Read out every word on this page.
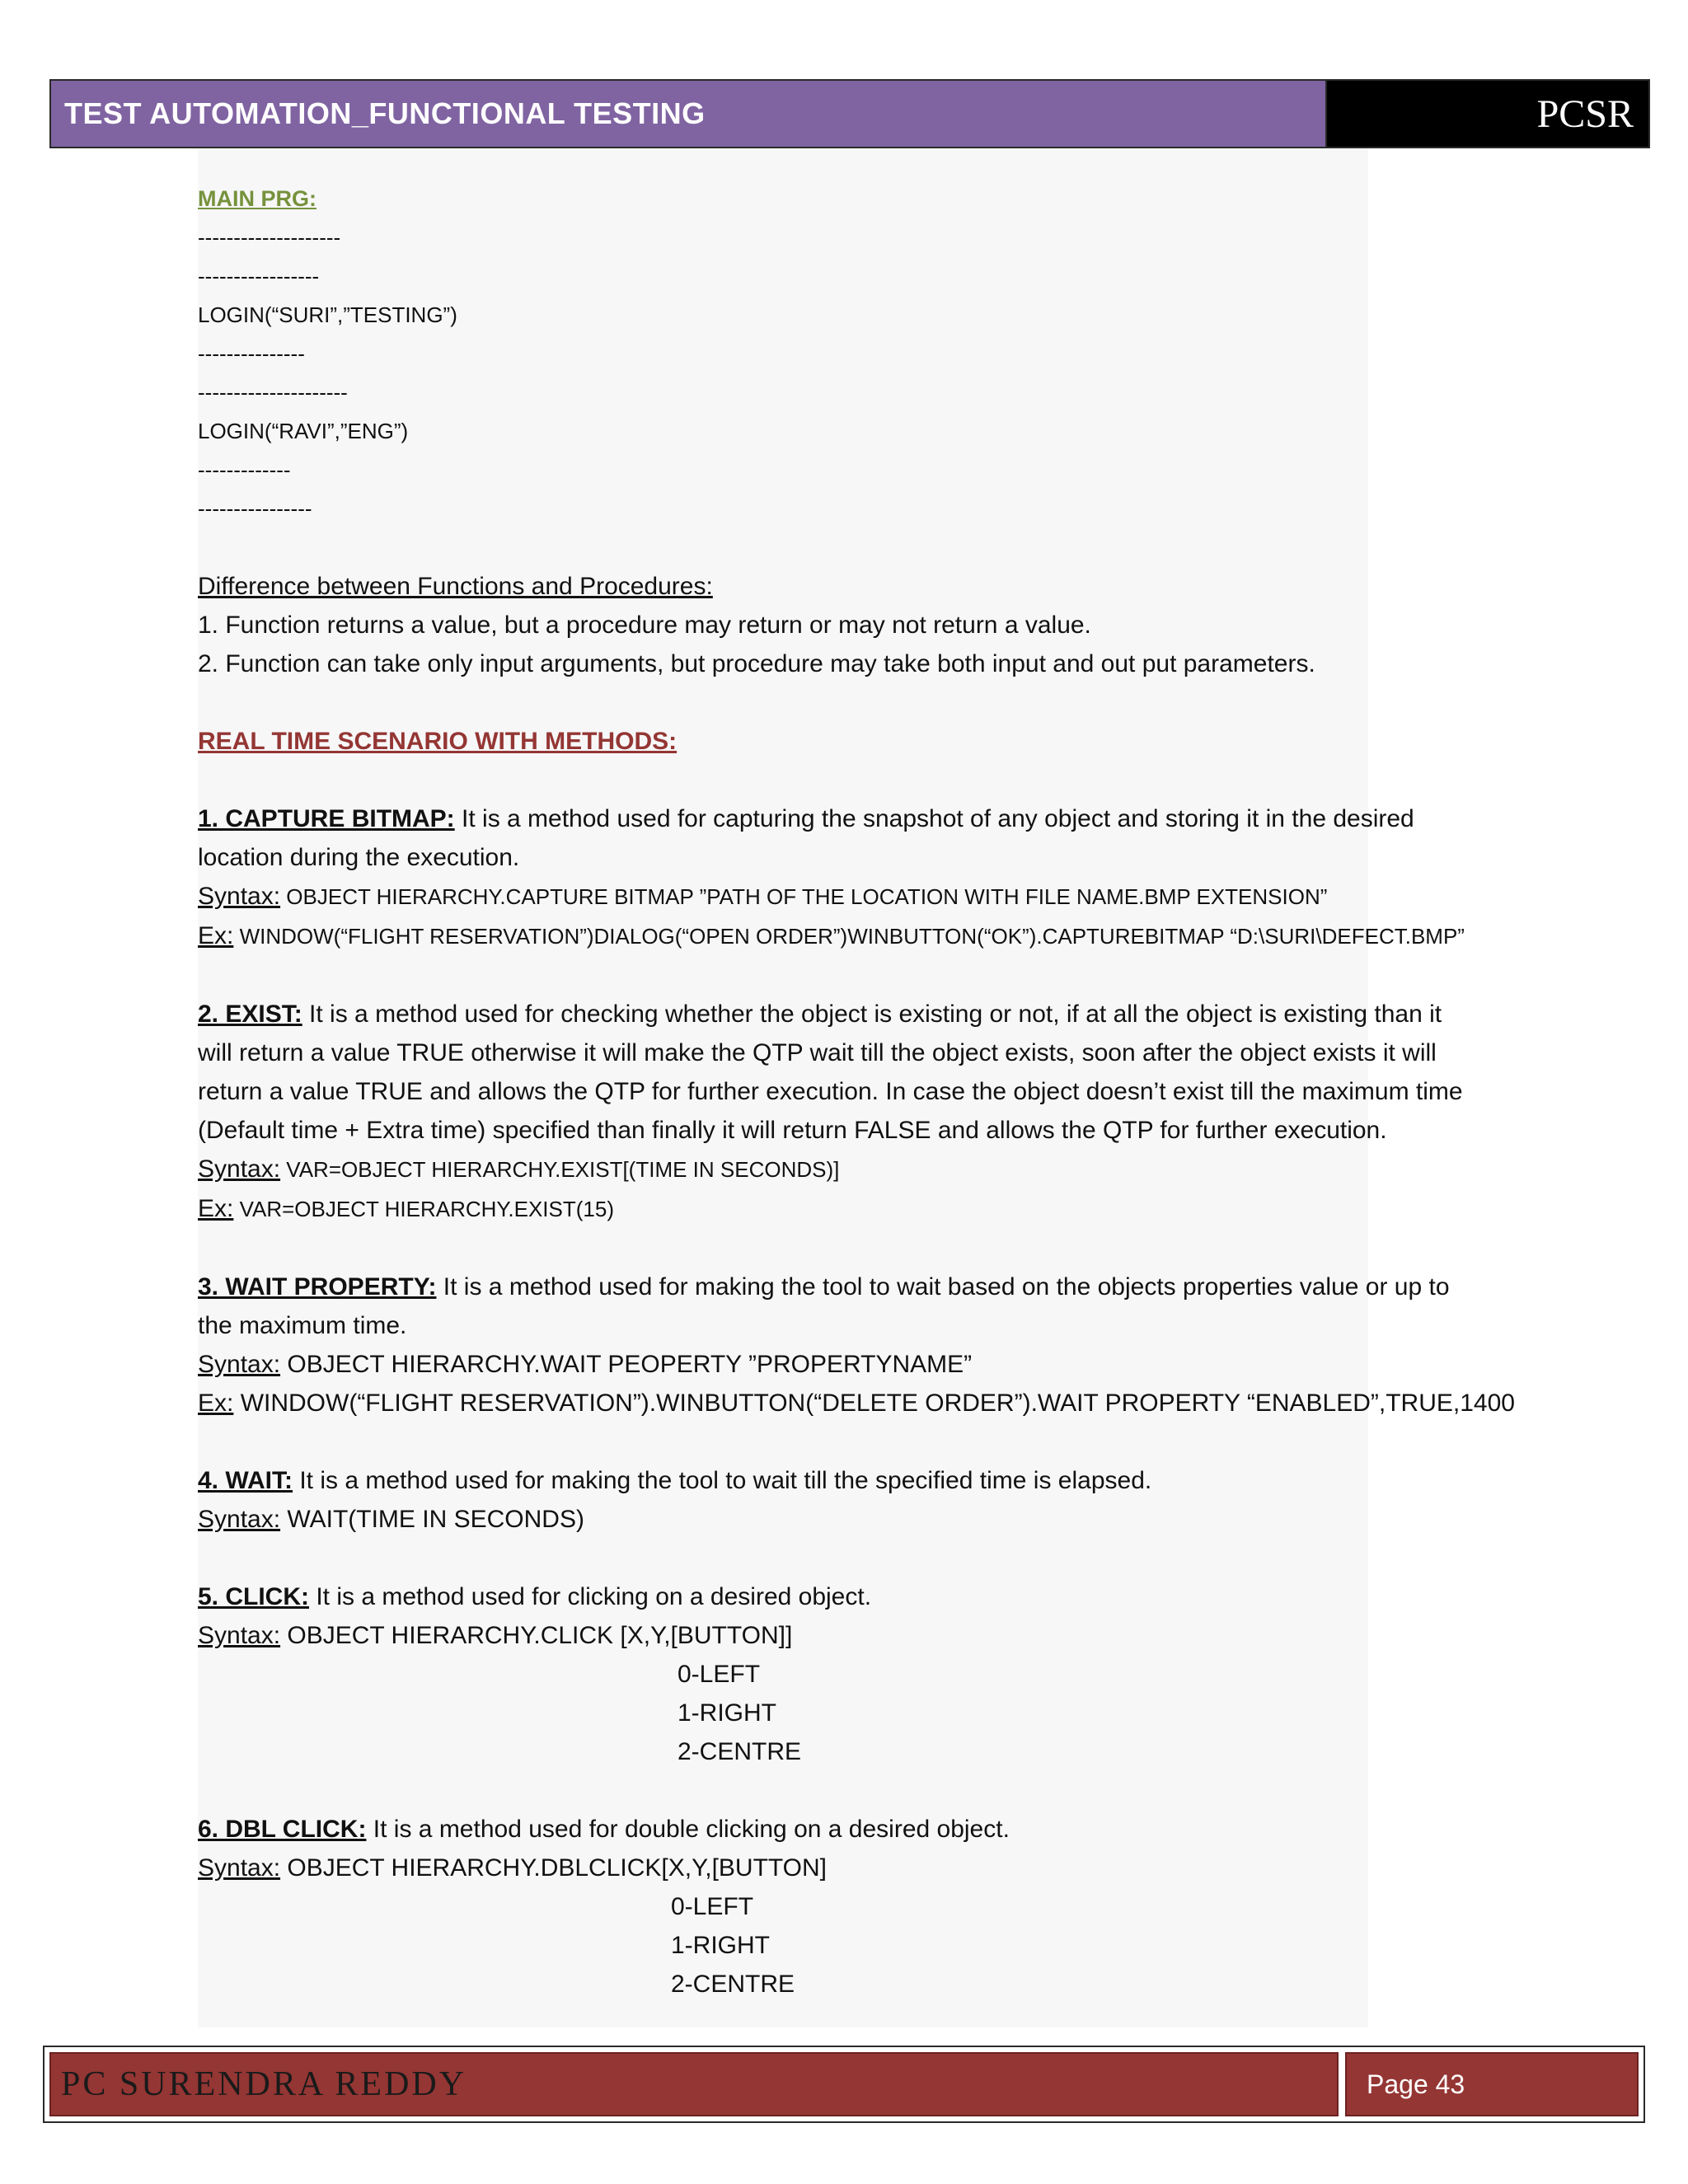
TEST AUTOMATION_FUNCTIONAL TESTING	PCSR
MAIN PRG:
--------------------
-----------------
LOGIN(“SURI”,”TESTING”)
---------------
---------------------
LOGIN(“RAVI”,”ENG”)
-------------
----------------
Difference between Functions and Procedures:
1. Function returns a value, but a procedure may return or may not return a value.
2. Function can take only input arguments, but procedure may take both input and out put parameters.
REAL TIME SCENARIO WITH METHODS:
1. CAPTURE BITMAP: It is a method used for capturing the snapshot of any object and storing it in the desired
location during the execution.
Syntax: OBJECT HIERARCHY.CAPTURE BITMAP ”PATH OF THE LOCATION WITH FILE NAME.BMP EXTENSION”
Ex: WINDOW(“FLIGHT RESERVATION”)DIALOG(“OPEN ORDER”)WINBUTTON(“OK”).CAPTUREBITMAP “D:\SURI\DEFECT.BMP”
2. EXIST: It is a method used for checking whether the object is existing or not, if at all the object is existing than it
will return a value TRUE otherwise it will make the QTP wait till the object exists, soon after the object exists it will
return a value TRUE and allows the QTP for further execution. In case the object doesn’t exist till the maximum time
(Default time + Extra time) specified than finally it will return FALSE and allows the QTP for further execution.
Syntax: VAR=OBJECT HIERARCHY.EXIST[(TIME IN SECONDS)]
Ex: VAR=OBJECT HIERARCHY.EXIST(15)
3. WAIT PROPERTY: It is a method used for making the tool to wait based on the objects properties value or up to
the maximum time.
Syntax: OBJECT HIERARCHY.WAIT PEOPERTY ”PROPERTYNAME”
Ex: WINDOW(“FLIGHT RESERVATION”).WINBUTTON(“DELETE ORDER”).WAIT PROPERTY “ENABLED”,TRUE,1400
4. WAIT: It is a method used for making the tool to wait till the specified time is elapsed.
Syntax: WAIT(TIME IN SECONDS)
5. CLICK: It is a method used for clicking on a desired object.
Syntax: OBJECT HIERARCHY.CLICK [X,Y,[BUTTON]]
0-LEFT
1-RIGHT
2-CENTRE
6. DBL CLICK: It is a method used for double clicking on a desired object.
Syntax: OBJECT HIERARCHY.DBLCLICK[X,Y,[BUTTON]
0-LEFT
1-RIGHT
2-CENTRE
PC SURENDRA REDDY	Page 43
